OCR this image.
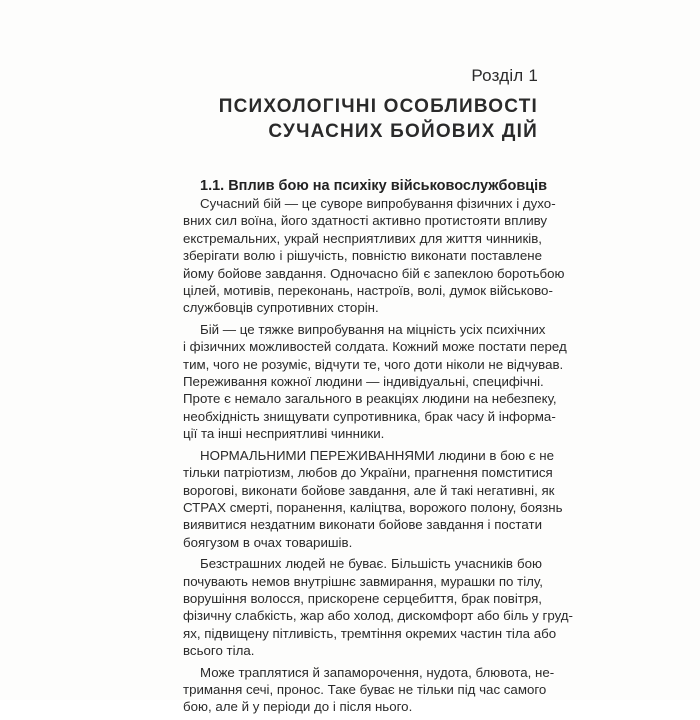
Розділ 1
ПСИХОЛОГІЧНІ ОСОБЛИВОСТІ
СУЧАСНИХ БОЙОВИХ ДІЙ
1.1. Вплив бою на психіку військовослужбовців
Сучасний бій — це суворе випробування фізичних і духо-
вних сил воїна, його здатності активно протистояти впливу
екстремальних, украй несприятливих для життя чинників,
зберігати волю і рішучість, повністю виконати поставлене
йому бойове завдання. Одночасно бій є запеклою боротьбою
цілей, мотивів, переконань, настроїв, волі, думок військово-
службовців супротивних сторін.
Бій — це тяжке випробування на міцність усіх психічних
і фізичних можливостей солдата. Кожний може постати перед
тим, чого не розуміє, відчути те, чого доти ніколи не відчував.
Переживання кожної людини — індивідуальні, специфічні.
Проте є немало загального в реакціях людини на небезпеку,
необхідність знищувати супротивника, брак часу й інформа-
ції та інші несприятливі чинники.
НОРМАЛЬНИМИ ПЕРЕЖИВАННЯМИ людини в бою є не
тільки патріотизм, любов до України, прагнення помститися
ворогові, виконати бойове завдання, але й такі негативні, як
СТРАХ смерті, поранення, каліцтва, ворожого полону, боязнь
виявитися нездатним виконати бойове завдання і постати
боягузом в очах товаришів.
Безстрашних людей не буває. Більшість учасників бою
почувають немов внутрішнє завмирання, мурашки по тілу,
ворушіння волосся, прискорене серцебиття, брак повітря,
фізичну слабкість, жар або холод, дискомфорт або біль у груд-
ях, підвищену пітливість, тремтіння окремих частин тіла або
всього тіла.
Може траплятися й запаморочення, нудота, блювота, не-
тримання сечі, пронос. Таке буває не тільки під час самого
бою, але й у періоди до і після нього.
